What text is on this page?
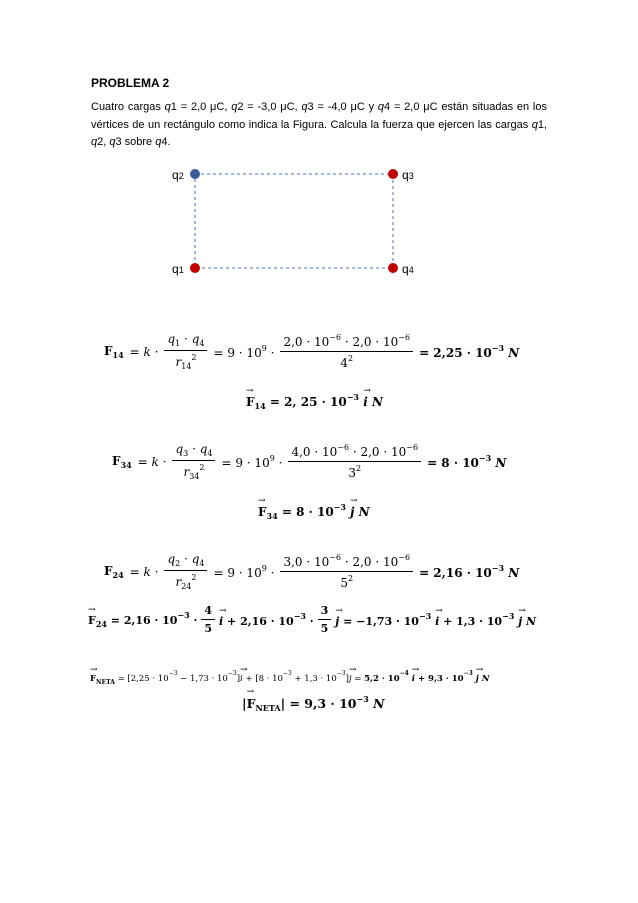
PROBLEMA 2
Cuatro cargas q1 = 2,0 μC, q2 = -3,0 μC, q3 = -4,0 μC y q4 = 2,0 μC están situadas en los vértices de un rectángulo como indica la Figura. Calcula la fuerza que ejercen las cargas q1, q2, q3 sobre q4.
q2	q3
q1	q4
$F_{14} = k \cdot \frac{q_1 \cdot q_4}{r_{14}^2} = 9 \cdot 10^9 \cdot \frac{2,0 \cdot 10^{-6} \cdot 2,0 \cdot 10^{-6}}{4^2} = 2,25 \cdot 10^{-3}$ N
→ $F_{14} = 2$, $25 \cdot 10^{-3} \to i$ N
$F_{34} = k \cdot \frac{q_3 \cdot q_4}{r_{34}^2} = 9 \cdot 10^9 \cdot \frac{4,0 \cdot 10^{-6} \cdot 2,0 \cdot 10^{-6}}{3^2} = 8 \cdot 10^{-3}$ N
→ $F_{34} = 8 \cdot 10^{-3} \to j$ N
$F_{24} = k \cdot \frac{q_2 \cdot q_4}{r_{24}^2} = 9 \cdot 10^9 \cdot \frac{3,0 \cdot 10^{-6} \cdot 2,0 \cdot 10^{-6}}{5^2} = 2,16 \cdot 10^{-3}$ N
→ $F_{24} = 2,16 \cdot 10^{-3} \cdot \frac{4}{5}$
→ $i + 2,16 \cdot 10^{-3} \cdot \frac{3}{5}$
→ $j = -1,73 \cdot 10^{-3} \to i + 1,3 \cdot 10^{-3} \to j$ N
→ $F_{NETA} = [2,25 \cdot 10^{-3} - 1,73 \cdot 10^{-3}]\to i + [8 \cdot 10^{-3} + 1,3 \cdot 10^{-3}]\to j = 5,2 \cdot 10^{-4} \to i + 9,3 \cdot 10^{-3} \to j$ N
|→ $F_{NETA}| = 9,3 \cdot 10^{-3}$ N
